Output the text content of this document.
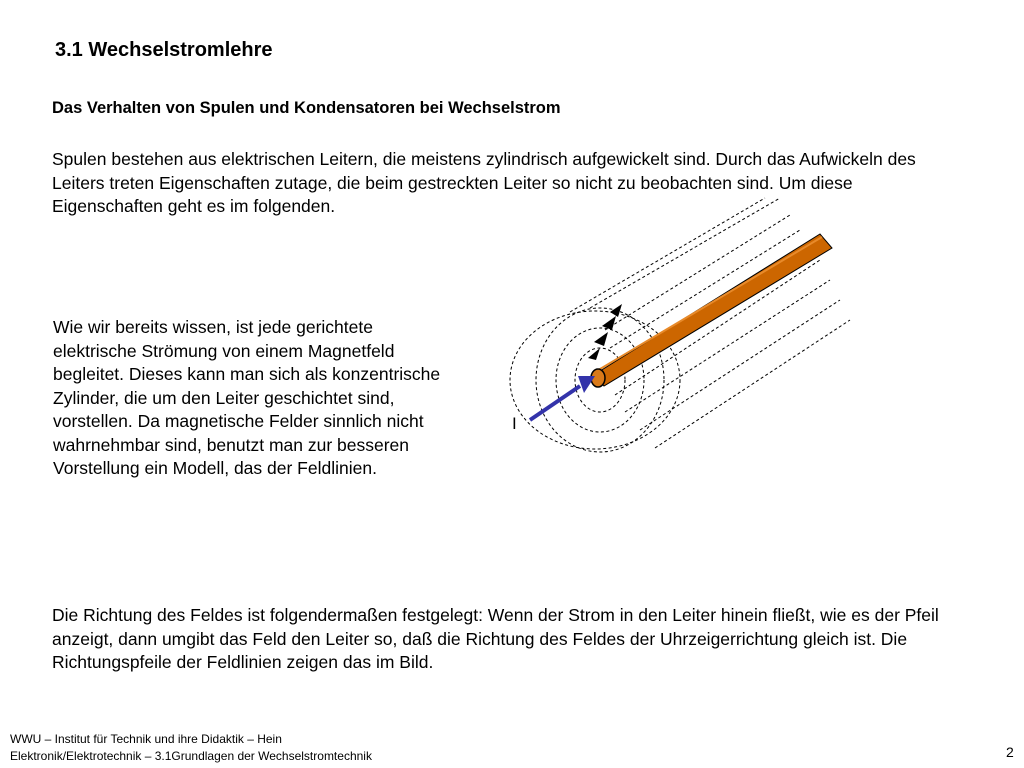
3.1 Wechselstromlehre
Das Verhalten von Spulen und Kondensatoren bei Wechselstrom
Spulen bestehen aus elektrischen Leitern, die meistens zylindrisch aufgewickelt sind. Durch das Aufwickeln des Leiters treten Eigenschaften zutage, die beim gestreckten Leiter so nicht zu beobachten sind. Um diese Eigenschaften geht es im folgenden.
Wie wir bereits wissen, ist jede gerichtete elektrische Strömung von einem Magnetfeld begleitet. Dieses kann man sich als konzentrische Zylinder, die um den Leiter geschichtet sind, vorstellen. Da magnetische Felder sinnlich nicht wahrnehmbar sind, benutzt man zur besseren Vorstellung ein Modell, das der Feldlinien.
Die Richtung des Feldes ist folgendermaßen festgelegt: Wenn der Strom in den Leiter hinein fließt, wie es der Pfeil anzeigt, dann umgibt das Feld den Leiter so, daß die Richtung des Feldes der Uhrzeigerrichtung gleich ist. Die Richtungspfeile der Feldlinien zeigen das im Bild.
I
WWU – Institut für Technik und ihre Didaktik – Hein
Elektronik/Elektrotechnik – 3.1Grundlagen der Wechselstromtechnik	2
